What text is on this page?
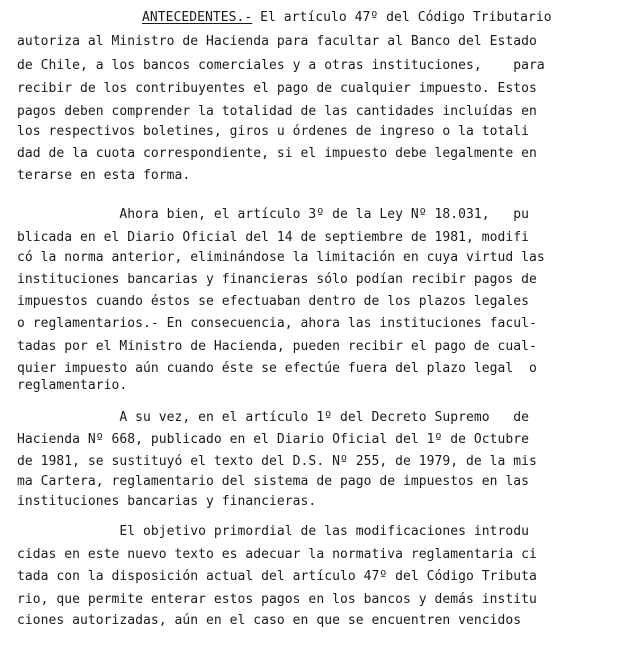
ANTECEDENTES.- El artículo 47º del Código Tributario
autoriza al Ministro de Hacienda para facultar al Banco del Estado
de Chile, a los bancos comerciales y a otras instituciones,    para
recibir de los contribuyentes el pago de cualquier impuesto. Estos
pagos deben comprender la totalidad de las cantidades incluídas en
los respectivos boletines, giros u órdenes de ingreso o la totali
dad de la cuota correspondiente, si el impuesto debe legalmente en
terarse en esta forma.
Ahora bien, el artículo 3º de la Ley Nº 18.031,   pu
blicada en el Diario Oficial del 14 de septiembre de 1981, modifi
có la norma anterior, eliminándose la limitación en cuya virtud las
instituciones bancarias y financieras sólo podían recibir pagos de
impuestos cuando éstos se efectuaban dentro de los plazos legales
o reglamentarios.- En consecuencia, ahora las instituciones facul-
tadas por el Ministro de Hacienda, pueden recibir el pago de cual-
quier impuesto aún cuando éste se efectúe fuera del plazo legal  o
reglamentario.
A su vez, en el artículo 1º del Decreto Supremo   de
Hacienda Nº 668, publicado en el Diario Oficial del 1º de Octubre
de 1981, se sustituyó el texto del D.S. Nº 255, de 1979, de la mis
ma Cartera, reglamentario del sistema de pago de impuestos en las
instituciones bancarias y financieras.
El objetivo primordial de las modificaciones introdu
cidas en este nuevo texto es adecuar la normativa reglamentaria ci
tada con la disposición actual del artículo 47º del Código Tributa
rio, que permite enterar estos pagos en los bancos y demás institu
ciones autorizadas, aún en el caso en que se encuentren vencidos
